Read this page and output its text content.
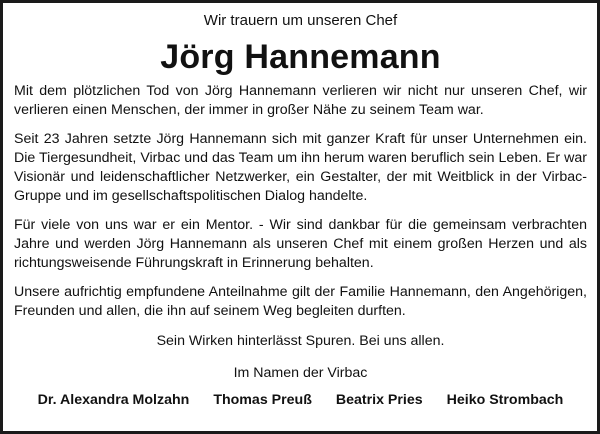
Wir trauern um unseren Chef

Jörg Hannemann

Mit dem plötzlichen Tod von Jörg Hannemann verlieren wir nicht nur unseren Chef, wir verlieren einen Menschen, der immer in großer Nähe zu seinem Team war.

Seit 23 Jahren setzte Jörg Hannemann sich mit ganzer Kraft für unser Unternehmen ein. Die Tiergesundheit, Virbac und das Team um ihn herum waren beruflich sein Leben. Er war Visionär und leidenschaftlicher Netzwerker, ein Gestalter, der mit Weitblick in der Virbac-Gruppe und im gesellschaftspolitischen Dialog handelte.

Für viele von uns war er ein Mentor. - Wir sind dankbar für die gemeinsam verbrachten Jahre und werden Jörg Hannemann als unseren Chef mit einem großen Herzen und als richtungsweisende Führungskraft in Erinnerung behalten.

Unsere aufrichtig empfundene Anteilnahme gilt der Familie Hannemann, den Angehörigen, Freunden und allen, die ihn auf seinem Weg begleiten durften.

Sein Wirken hinterlässt Spuren. Bei uns allen.

Im Namen der Virbac

Dr. Alexandra Molzahn Thomas Preuß Beatrix Pries Heiko Strombach
